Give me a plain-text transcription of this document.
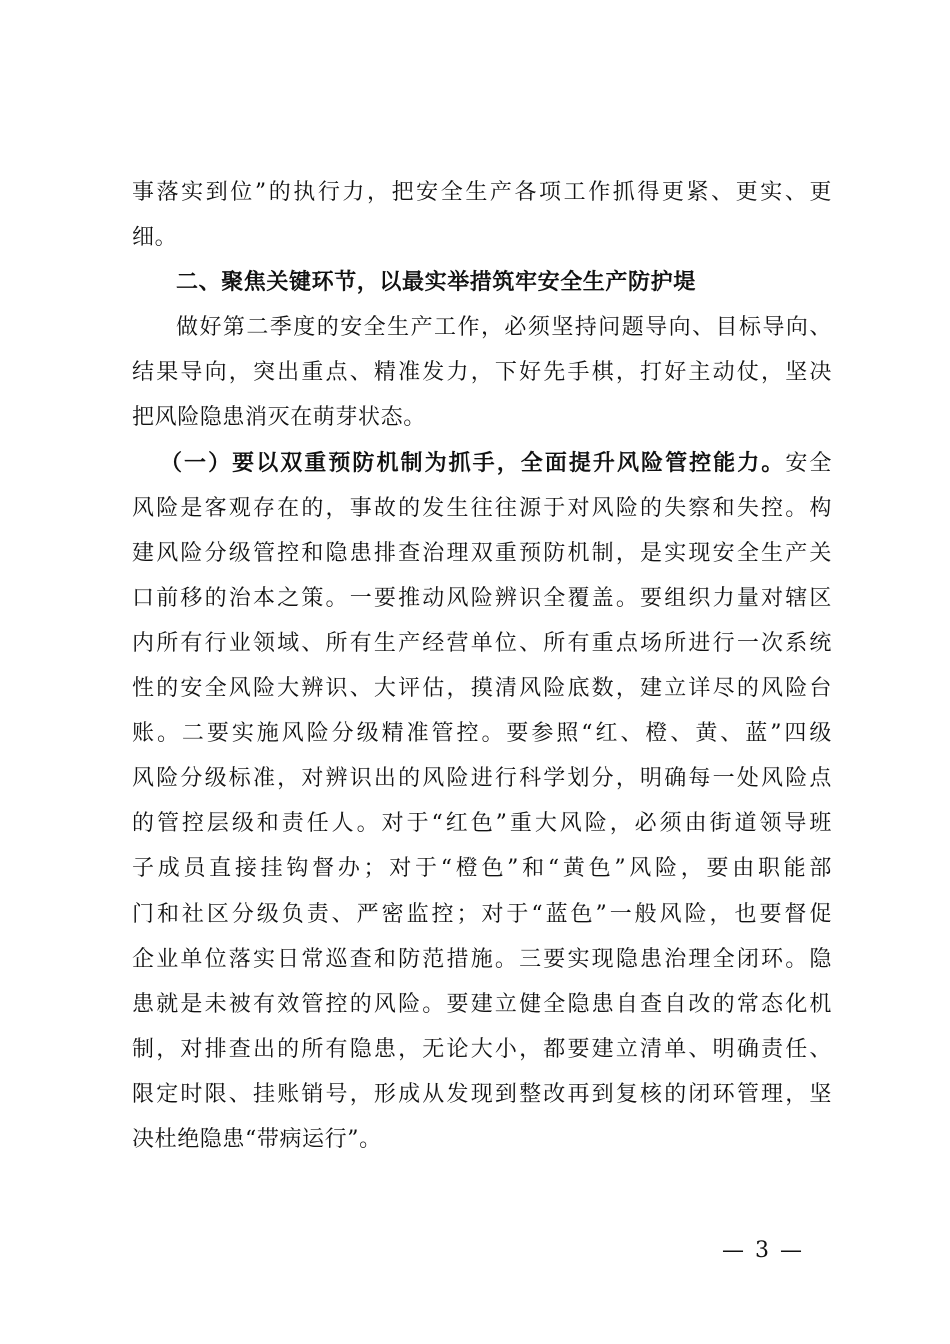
事落实到位”的执行力，把安全生产各项工作抓得更紧、更实、更
细。

二、聚焦关键环节，以最实举措筑牢安全生产防护堤

做好第二季度的安全生产工作，必须坚持问题导向、目标导向、
结果导向，突出重点、精准发力，下好先手棋，打好主动仗，坚决
把风险隐患消灭在萌芽状态。

（一）要以双重预防机制为抓手，全面提升风险管控能力。安全
风险是客观存在的，事故的发生往往源于对风险的失察和失控。构
建风险分级管控和隐患排查治理双重预防机制，是实现安全生产关
口前移的治本之策。一要推动风险辨识全覆盖。要组织力量对辖区
内所有行业领域、所有生产经营单位、所有重点场所进行一次系统
性的安全风险大辨识、大评估，摸清风险底数，建立详尽的风险台
账。二要实施风险分级精准管控。要参照“红、橙、黄、蓝”四级
风险分级标准，对辨识出的风险进行科学划分，明确每一处风险点
的管控层级和责任人。对于“红色”重大风险，必须由街道领导班
子成员直接挂钩督办；对于“橙色”和“黄色”风险，要由职能部
门和社区分级负责、严密监控；对于“蓝色”一般风险，也要督促
企业单位落实日常巡查和防范措施。三要实现隐患治理全闭环。隐
患就是未被有效管控的风险。要建立健全隐患自查自改的常态化机
制，对排查出的所有隐患，无论大小，都要建立清单、明确责任、
限定时限、挂账销号，形成从发现到整改再到复核的闭环管理，坚
决杜绝隐患“带病运行”。

— 3 —
